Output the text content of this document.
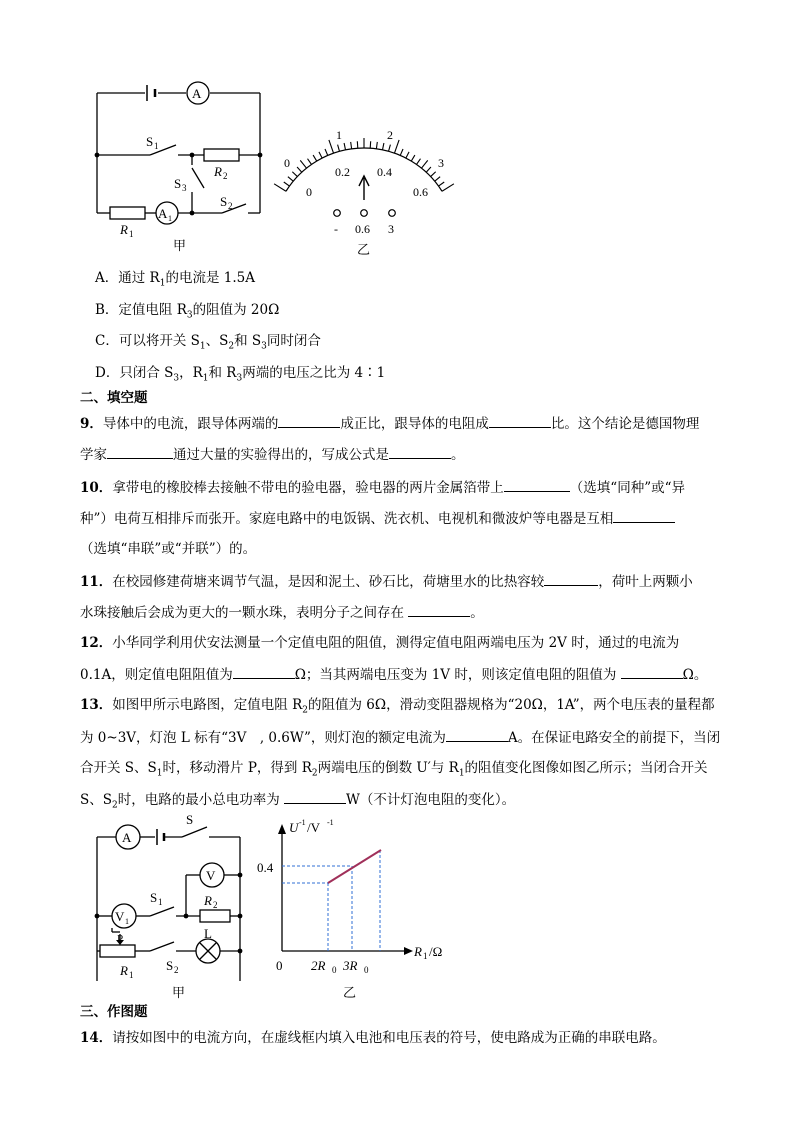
A
A 1
S 1
S 3
S 2
R 2
R 1
甲	乙
0
1	2
3
0
0.2 0.4
0.6
- 0.6 3
A．通过 $R_1$的电流是 1.5A
B．定值电阻 $R_3$的阻值为 20Ω
C．可以将开关 $S_1$、$S_2$和 $S_3$同时闭合
D．只闭合 $S_3$，$R_1$和 $R_3$两端的电压之比为 4∶1
二、填空题
9．导体中的电流，跟导体两端的	成正比，跟导体的电阻成	比。这个结论是德国物理
学家	通过大量的实验得出的，写成公式是	。
10．拿带电的橡胶棒去接触不带电的验电器，验电器的两片金属箔带上	（选填“同种”或“异
种”）电荷互相排斥而张开。家庭电路中的电饭锅、洗衣机、电视机和微波炉等电器是互相
（选填“串联”或“并联”）的。
11．在校园修建荷塘来调节气温，是因和泥土、砂石比，荷塘里水的比热容较	，荷叶上两颗小
水珠接触后会成为更大的一颗水珠，表明分子之间存在	。
12．小华同学利用伏安法测量一个定值电阻的阻值，测得定值电阻两端电压为 2V 时，通过的电流为
0.1A，则定值电阻阻值为	Ω；当其两端电压变为 1V 时，则该定值电阻的阻值为	Ω。
13．如图甲所示电路图，定值电阻 $R_2$的阻值为 6Ω，滑动变阻器规格为“20Ω，1A”，两个电压表的量程都
为 0~3V，灯泡 L 标有“3V　, 0.6W”，则灯泡的额定电流为	A。在保证电路安全的前提下，当闭
合开关 S、$S_1$时，移动滑片 P，得到 $R_2$两端电压的倒数 U′与 $R_1$的阻值变化图像如图乙所示；当闭合开关
S、$S_2$时，电路的最小总电功率为	W（不计灯泡电阻的变化）。
A
S
V
V 1
S 1	R 2
L
P
R 1
S 2
甲	乙
U -1 /V -1
0.4
0 2R 0 3R 0
R 1 /Ω
三、作图题
14．请按如图中的电流方向，在虚线框内填入电池和电压表的符号，使电路成为正确的串联电路。
